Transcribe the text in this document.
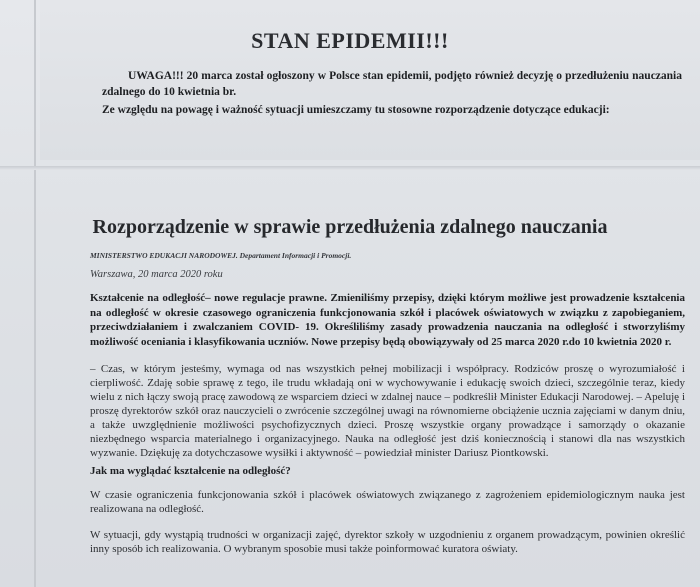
STAN EPIDEMII!!!

UWAGA!!! 20 marca został ogłoszony w Polsce stan epidemii, podjęto również decyzję o przedłużeniu nauczania zdalnego do 10 kwietnia br.

Ze względu na powagę i ważność sytuacji umieszczamy tu stosowne rozporządzenie dotyczące edukacji:

Rozporządzenie w sprawie przedłużenia zdalnego nauczania

MINISTERSTWO EDUKACJI NARODOWEJ. Departament Informacji i Promocji.

Warszawa, 20 marca 2020 roku

Kształcenie na odległość– nowe regulacje prawne. Zmieniliśmy przepisy, dzięki którym możliwe jest prowadzenie kształcenia na odległość w okresie czasowego ograniczenia funkcjonowania szkół i placówek oświatowych w związku z zapobieganiem, przeciwdziałaniem i zwalczaniem COVID- 19. Określiliśmy zasady prowadzenia nauczania na odległość i stworzyliśmy możliwość oceniania i klasyfikowania uczniów. Nowe przepisy będą obowiązywały od 25 marca 2020 r.do 10 kwietnia 2020 r.

– Czas, w którym jesteśmy, wymaga od nas wszystkich pełnej mobilizacji i współpracy. Rodziców proszę o wyrozumiałość i cierpliwość. Zdaję sobie sprawę z tego, ile trudu wkładają oni w wychowywanie i edukację swoich dzieci, szczególnie teraz, kiedy wielu z nich łączy swoją pracę zawodową ze wsparciem dzieci w zdalnej nauce – podkreślił Minister Edukacji Narodowej. – Apeluję i proszę dyrektorów szkół oraz nauczycieli o zwrócenie szczególnej uwagi na równomierne obciążenie ucznia zajęciami w danym dniu, a także uwzględnienie możliwości psychofizycznych dzieci. Proszę wszystkie organy prowadzące i samorządy o okazanie niezbędnego wsparcia materialnego i organizacyjnego. Nauka na odległość jest dziś koniecznością i stanowi dla nas wszystkich wyzwanie. Dziękuję za dotychczasowe wysiłki i aktywność – powiedział minister Dariusz Piontkowski.

Jak ma wyglądać kształcenie na odległość?

W czasie ograniczenia funkcjonowania szkół i placówek oświatowych związanego z zagrożeniem epidemiologicznym nauka jest realizowana na odległość.

W sytuacji, gdy wystąpią trudności w organizacji zajęć, dyrektor szkoły w uzgodnieniu z organem prowadzącym, powinien określić inny sposób ich realizowania. O wybranym sposobie musi także poinformować kuratora oświaty.
